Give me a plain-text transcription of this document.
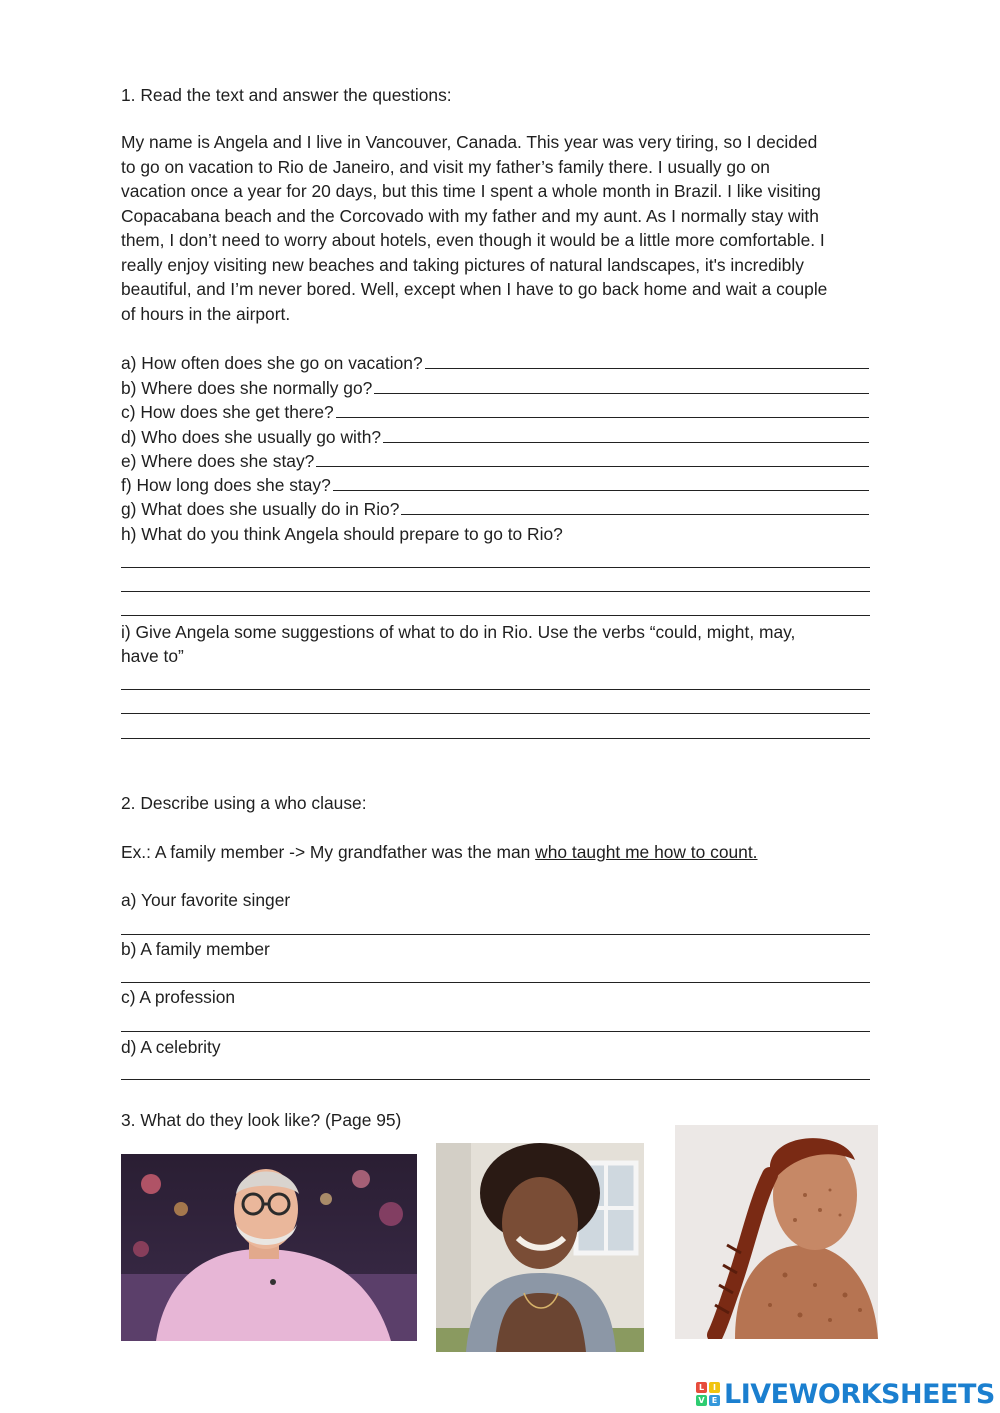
1. Read the text and answer the questions:
My name is Angela and I live in Vancouver, Canada. This year was very tiring, so I decided
to go on vacation to Rio de Janeiro, and visit my father’s family there. I usually go on
vacation once a year for 20 days, but this time I spent a whole month in Brazil. I like visiting
Copacabana beach and the Corcovado with my father and my aunt. As I normally stay with
them, I don’t need to worry about hotels, even though it would be a little more comfortable. I
really enjoy visiting new beaches and taking pictures of natural landscapes, it's incredibly
beautiful, and I’m never bored. Well, except when I have to go back home and wait a couple
of hours in the airport.
a) How often does she go on vacation?
b) Where does she normally go?
c) How does she get there?
d) Who does she usually go with?
e) Where does she stay?
f) How long does she stay?
g) What does she usually do in Rio?
h) What do you think Angela should prepare to go to Rio?
i) Give Angela some suggestions of what to do in Rio. Use the verbs “could, might, may,
have to”
2. Describe using a who clause:
Ex.: A family member -> My grandfather was the man who taught me how to count.
a) Your favorite singer
b) A family member
c) A profession
d) A celebrity
3. What do they look like? (Page 95)
L	I
V E LIVEWORKSHEETS
